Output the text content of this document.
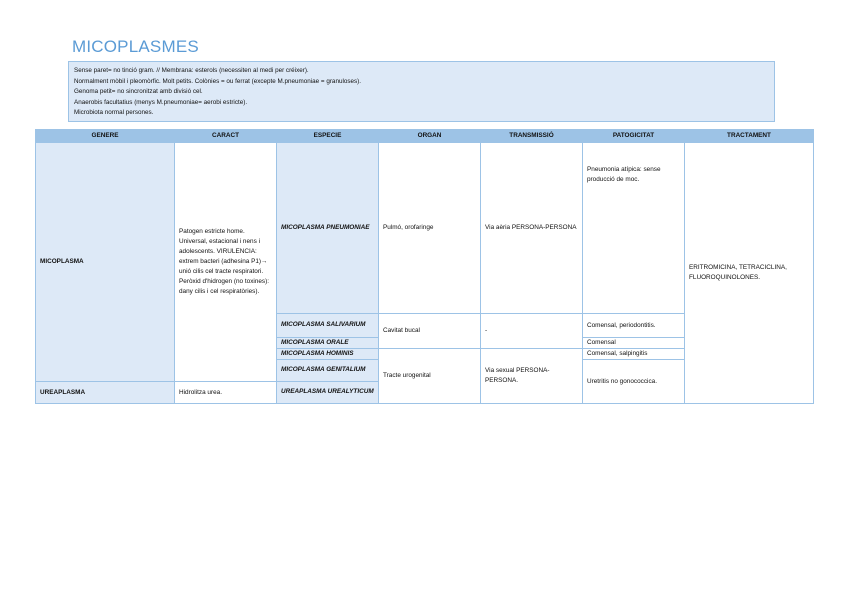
MICOPLASMES
Sense paret= no tinció gram. // Membrana: esterols (necessiten al medi per créixer).
Normalment mòbil i pleomòrfic. Molt petits. Colònies = ou ferrat (excepte M.pneumoniae = granuloses).
Genoma petit= no sincronitzat amb divisió cel.
Anaerobis facultatius (menys M.pneumoniae= aerobi estricte).
Microbiota normal persones.
GENERE	CARACT	ESPECIE	ORGAN	TRANSMISSIÓ	PATOGICITAT	TRACTAMENT
MICOPLASMA	Patogen estricte home. Universal, estacional i nens i adolescents. VIRULENCIA: extrem bacteri (adhesina P1)→ unió cilis cel tracte respiratori. Peròxid d'hidrogen (no toxines): dany cilis i cel respiratòries).	MICOPLASMA PNEUMONIAE	Pulmó, orofaringe	Via aèria PERSONA-PERSONA	Pneumonia atípica: sense producció de moc.	ERITROMICINA, TETRACICLINA, FLUOROQUINOLONES.
		MICOPLASMA SALIVARIUM	Cavitat bucal	-	Comensal, periodontitis.	
		MICOPLASMA ORALE			Comensal	
		MICOPLASMA HOMINIS	Tracte urogenital	Via sexual PERSONA-PERSONA.	Comensal, salpingitis	
		MICOPLASMA GENITALIUM			Uretritis no gonococcica.	
UREAPLASMA	Hidrolitza urea.	UREAPLASMA UREALYTICUM				
